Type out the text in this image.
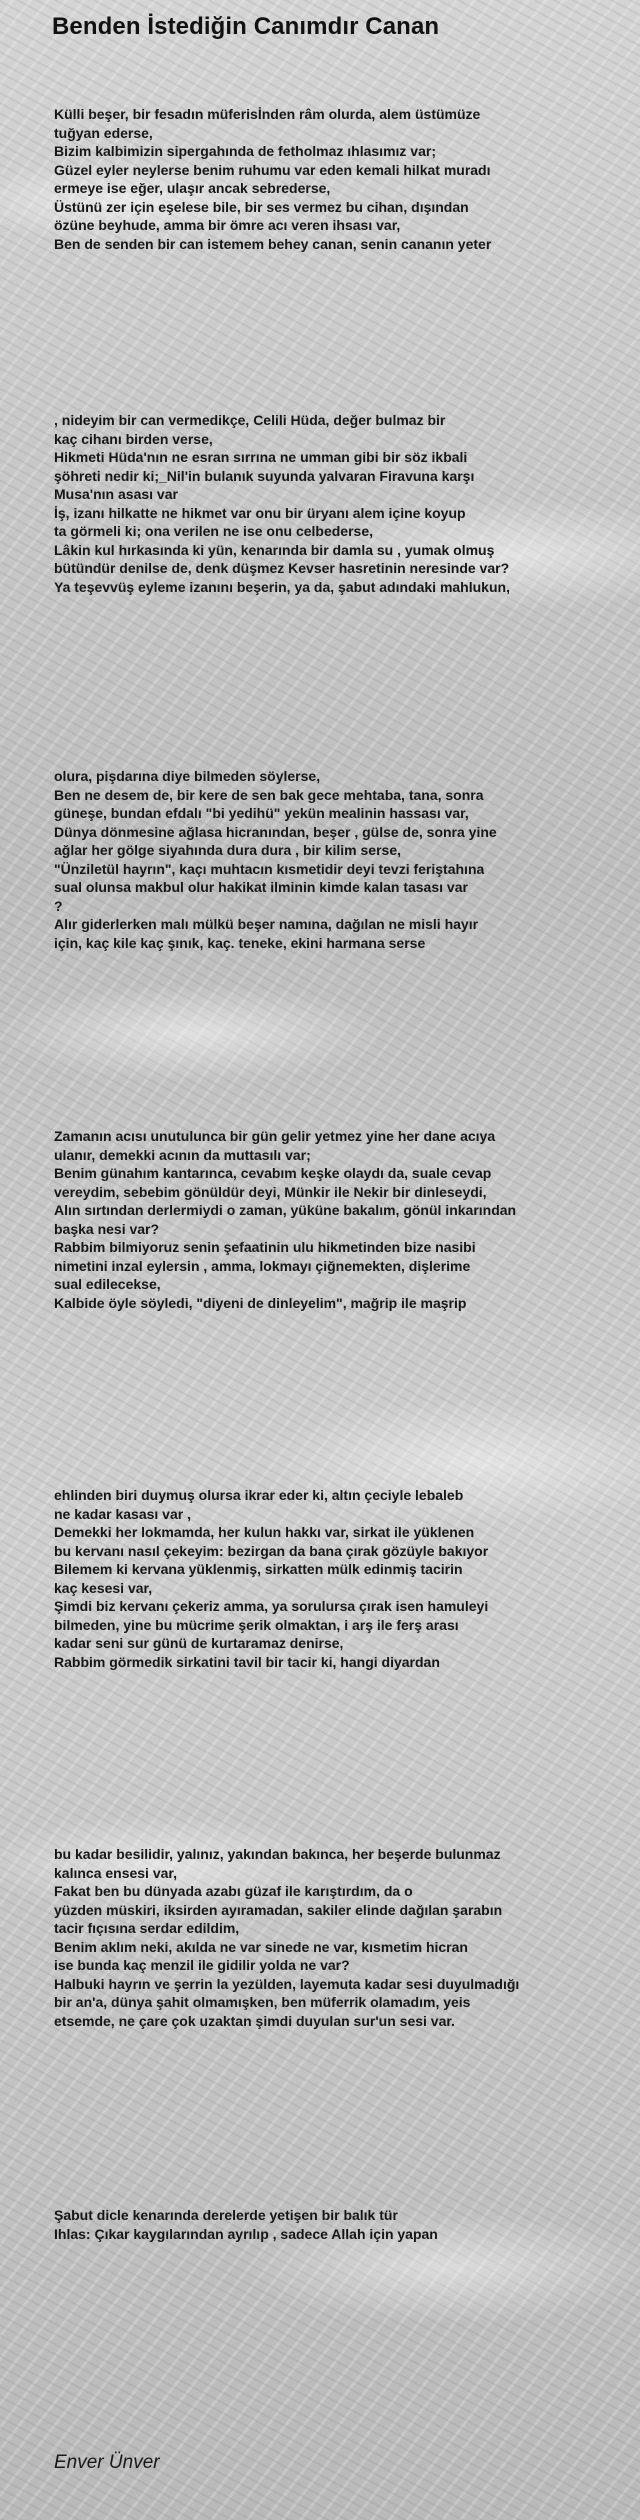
Benden İstediğin Canımdır Canan
Külli beşer, bir fesadın müferisİnden râm olurda, alem üstümüze
tuğyan ederse,
Bizim kalbimizin sipergahında de fetholmaz ıhlasımız var;
Güzel eyler neylerse benim ruhumu var eden kemali hilkat muradı
ermeye ise eğer, ulaşır ancak sebrederse,
Üstünü zer için eşelese bile, bir ses vermez bu cihan, dışından
özüne beyhude, amma bir ömre acı veren ihsası var,
Ben de senden bir can istemem behey canan, senin cananın yeter
, nideyim bir can vermedikçe, Celili Hüda, değer bulmaz bir
kaç cihanı birden verse,
Hikmeti Hüda'nın ne esran sırrına ne umman gibi bir söz ikbali
şöhreti nedir ki;_Nil'in bulanık suyunda yalvaran Firavuna karşı
Musa'nın asası var
İş, izanı hilkatte ne hikmet var onu bir üryanı alem içine koyup
ta görmeli ki; ona verilen ne ise onu celbederse,
Lâkin kul hırkasında ki yün, kenarında bir damla su , yumak olmuş
bütündür denilse de, denk düşmez Kevser hasretinin neresinde var?
Ya teşevvüş eyleme izanını beşerin, ya da, şabut adındaki mahlukun,
olura, pişdarına diye bilmeden söylerse,
Ben ne desem de, bir kere de sen bak gece mehtaba, tana, sonra
güneşe, bundan efdalı "bi yedihü" yekün mealinin hassası var,
Dünya dönmesine ağlasa hicranından, beşer , gülse de, sonra yine
ağlar her gölge siyahında dura dura , bir kilim serse,
"Ünziletül hayrın", kaçı muhtacın kısmetidir deyi tevzi feriştahına
sual olunsa makbul olur hakikat ilminin kimde kalan tasası var
?
Alır giderlerken malı mülkü beşer namına, dağılan ne misli hayır
için, kaç kile kaç şınık, kaç. teneke, ekini harmana serse
Zamanın acısı unutulunca bir gün gelir yetmez yine her dane acıya
ulanır, demekki acının da muttasılı var;
Benim günahım kantarınca, cevabım keşke olaydı da, suale cevap
vereydim, sebebim gönüldür deyi, Münkir ile Nekir bir dinleseydi,
Alın sırtından derlermiydi o zaman, yüküne bakalım, gönül inkarından
başka nesi var?
Rabbim bilmiyoruz senin şefaatinin ulu hikmetinden bize nasibi
nimetini inzal eylersin , amma, lokmayı çiğnemekten, dişlerime
sual edilecekse,
Kalbide öyle söyledi, "diyeni de dinleyelim", mağrip ile maşrip
ehlinden biri duymuş olursa ikrar eder ki, altın çeciyle lebaleb
ne kadar kasası var ,
Demekki her lokmamda, her kulun hakkı var, sirkat ile yüklenen
bu kervanı nasıl çekeyim: bezirgan da bana çırak gözüyle bakıyor
Bilemem ki kervana yüklenmiş, sirkatten mülk edinmiş tacirin
kaç kesesi var,
Şimdi biz kervanı çekeriz amma, ya sorulursa çırak isen hamuleyi
bilmeden, yine bu mücrime şerik olmaktan, i arş ile ferş arası
kadar seni sur günü de kurtaramaz denirse,
Rabbim görmedik sirkatini tavil bir tacir ki, hangi diyardan
bu kadar besilidir, yalınız, yakından bakınca, her beşerde bulunmaz
kalınca ensesi var,
Fakat ben bu dünyada azabı güzaf ile karıştırdım, da o
yüzden müskiri, iksirden ayıramadan, sakiler elinde dağılan şarabın
tacir fıçısına serdar edildim,
Benim aklım neki, akılda ne var sinede ne var, kısmetim hicran
ise bunda kaç menzil ile gidilir yolda ne var?
Halbuki hayrın ve şerrin la yezülden, layemuta kadar sesi duyulmadığı
bir an'a, dünya şahit olmamışken, ben müferrik olamadım, yeis
etsemde, ne çare çok uzaktan şimdi duyulan sur'un sesi var.
Şabut dicle kenarında derelerde yetişen bir balık tür
Ihlas: Çıkar kaygılarından ayrılıp , sadece Allah için yapan

Enver Ünver
